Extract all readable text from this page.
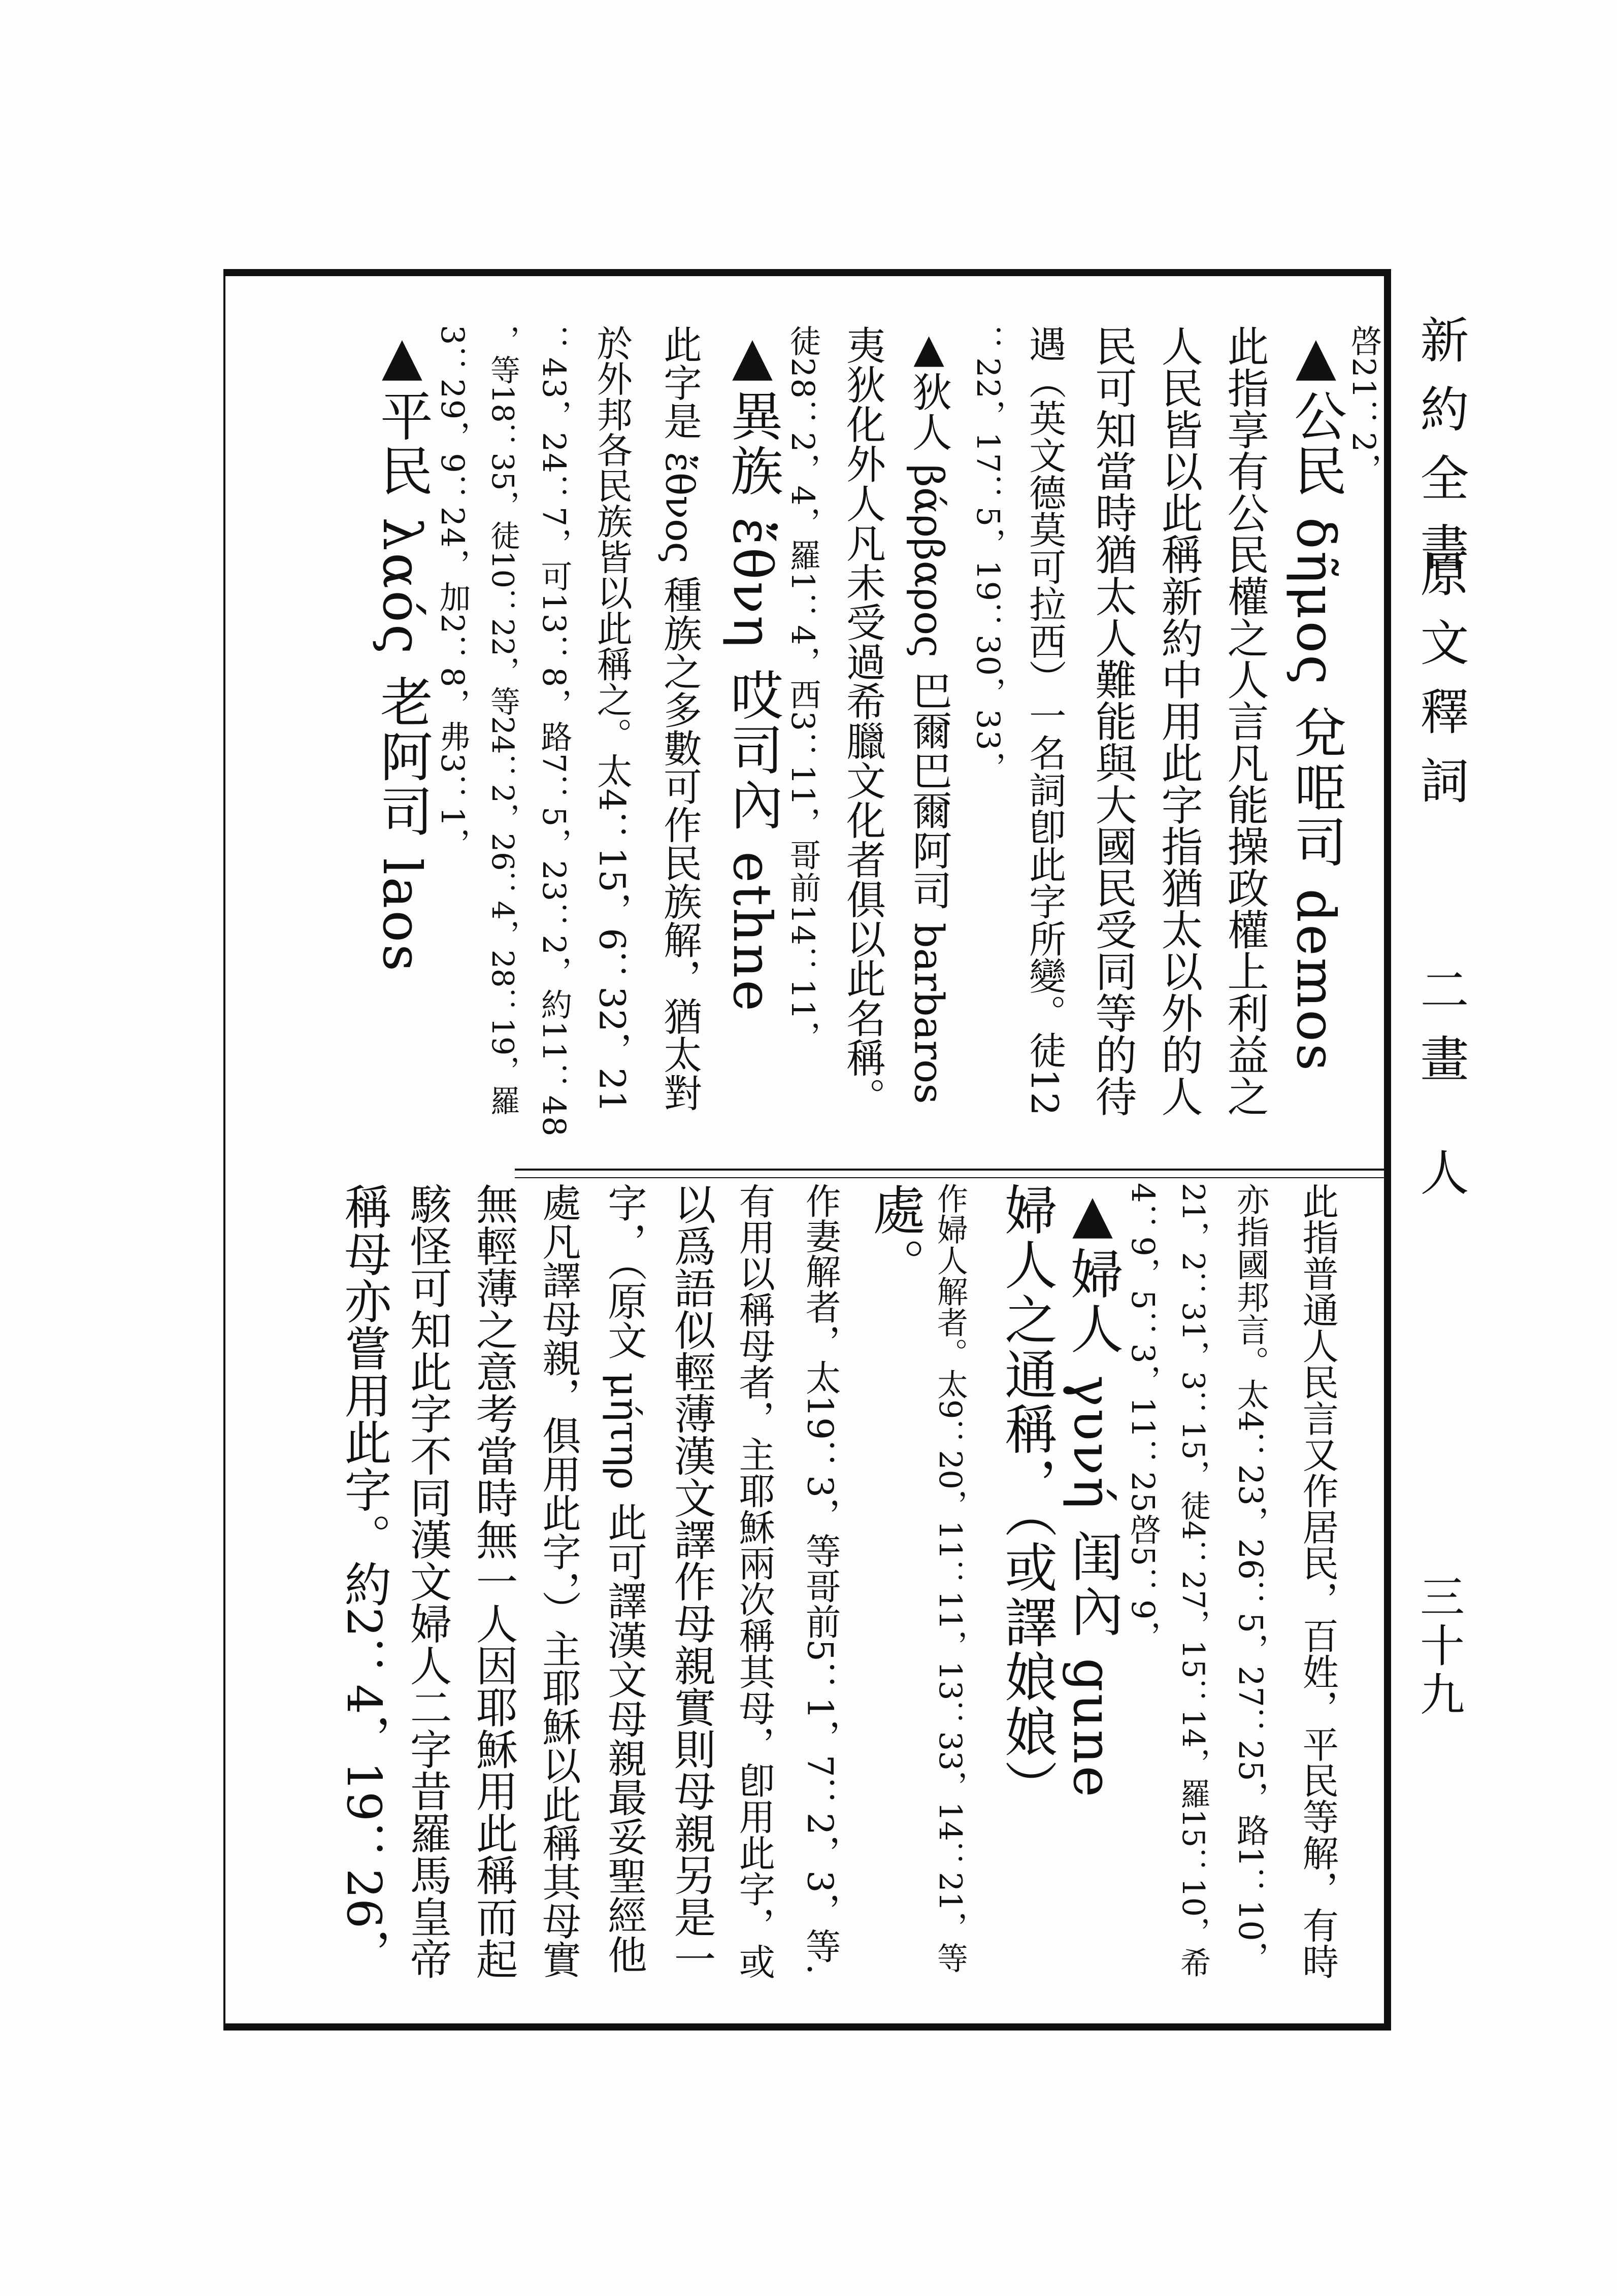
新約全書
原文釋詞
二畫
人
三十九
啓21：2，
▲公民 δῆμος 兌𠱸司 demos
此指享有公民權之人言凡能操政權上利益之
人民皆以此稱新約中用此字指猶太以外的人
民可知當時猶太人難能與大國民受同等的待
遇（英文德莫可拉西）一名詞卽此字所變。徒12
：22，17：5，19：30，33，
▲狄人 βάρβαρος 巴爾巴爾阿司 barbaros
夷狄化外人凡未受過希臘文化者俱以此名稱。
徒28：2，4，羅1：4，西3：11，哥前14：11，
▲異族 ἔθνη 哎司內 ethne
此字是 ἔθνος 種族之多數可作民族解，猶太對
於外邦各民族皆以此稱之。太4：15，6：32，21
：43，24：7，可13：8，路7：5，23：2，約11：48
，等18：35，徒10：22，等24：2，26：4，28：19，羅
3：29，9：24，加2：8，弗3：1，
▲平民 λαός 老阿司 laos
此指普通人民言又作居民，百姓，平民等解，有時
亦指國邦言。太4：23，26：5，27：25，路1：10，
21，2：31，3：15，徒4：27，15：14，羅15：10，希
4：9，5：3，11：25啓5：9，
▲婦人 γυνή 闺內 gune
婦人之通稱，（或譯娘娘）
作婦人解者。太9：20，11：11，13：33，14：21，等
處。
作妻解者，太19：3，等哥前5：1，7：2，3，等.
有用以稱母者，主耶穌兩次稱其母，卽用此字，或
以爲語似輕薄漢文譯作母親實則母親另是一
字，（原文 μήτηρ 此可譯漢文母親最妥聖經他
處凡譯母親，俱用此字，）主耶穌以此稱其母實
無輕薄之意考當時無一人因耶穌用此稱而起
駭怪可知此字不同漢文婦人二字昔羅馬皇帝
稱母亦嘗用此字。約2：4，19：26，
